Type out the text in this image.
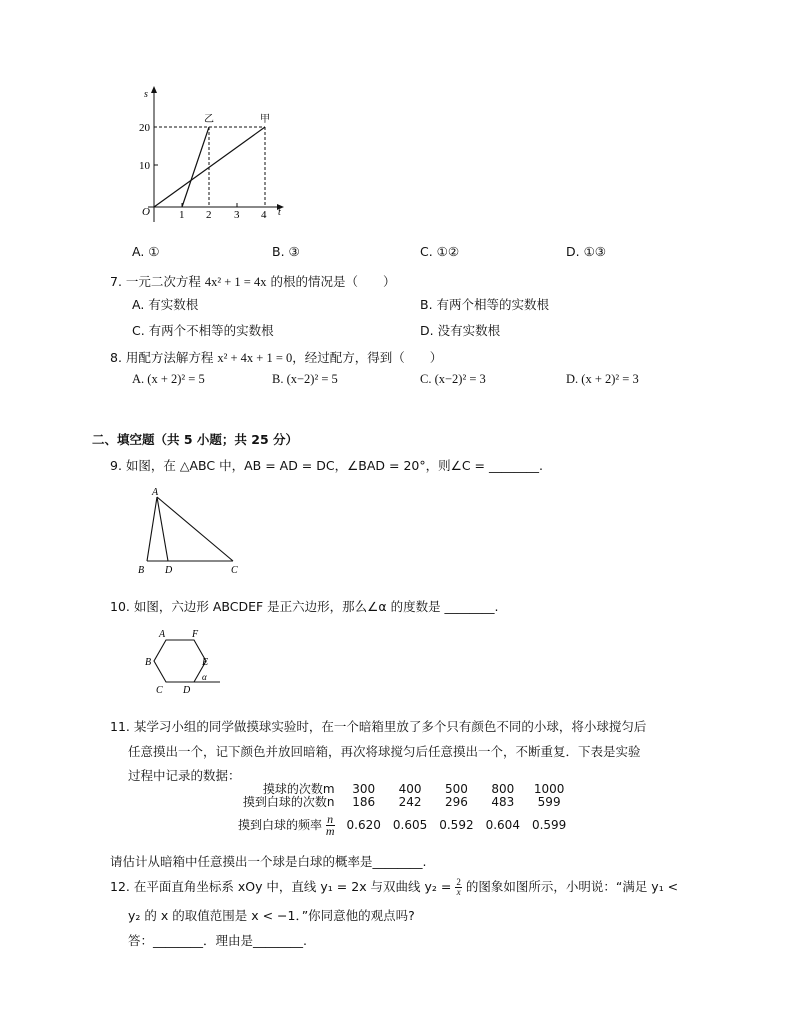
s
t
O
10
20
1 2 3 4
乙	甲
A. ①	B. ③	C. ①②	D. ①③
7. 一元二次方程 4x² + 1 = 4x 的根的情况是（　　）
A. 有实数根	B. 有两个相等的实数根
C. 有两个不相等的实数根	D. 没有实数根
8. 用配方法解方程 x² + 4x + 1 = 0，经过配方，得到（　　）
A. (x + 2)² = 5	B. (x−2)² = 5	C. (x−2)² = 3	D. (x + 2)² = 3
二、填空题（共 5 小题；共 25 分）
9. 如图，在 △ABC 中，AB = AD = DC，∠BAD = 20°，则∠C = ________.
A
B D	C
10. 如图，六边形 ABCDEF 是正六边形，那么∠α 的度数是 ________.
A	F
B	E
C D
α
11. 某学习小组的同学做摸球实验时，在一个暗箱里放了多个只有颜色不同的小球，将小球搅匀后
任意摸出一个，记下颜色并放回暗箱，再次将球搅匀后任意摸出一个，不断重复．下表是实验
过程中记录的数据：
摸球的次数m	300	400	500	800	1000
摸到白球的次数n	186	242	296	483	599
摸到白球的频率 $\frac{n}{m}$	0.620	0.605	0.592	0.604	0.599
请估计从暗箱中任意摸出一个球是白球的概率是________.
12. 在平面直角坐标系 xOy 中，直线 y₁ = 2x 与双曲线 $y_2 = \frac{2}{x}$ 的图象如图所示，小明说：“满足 y₁ <
y₂ 的 x 的取值范围是 x < −1．”你同意他的观点吗?
答：________．理由是________.
